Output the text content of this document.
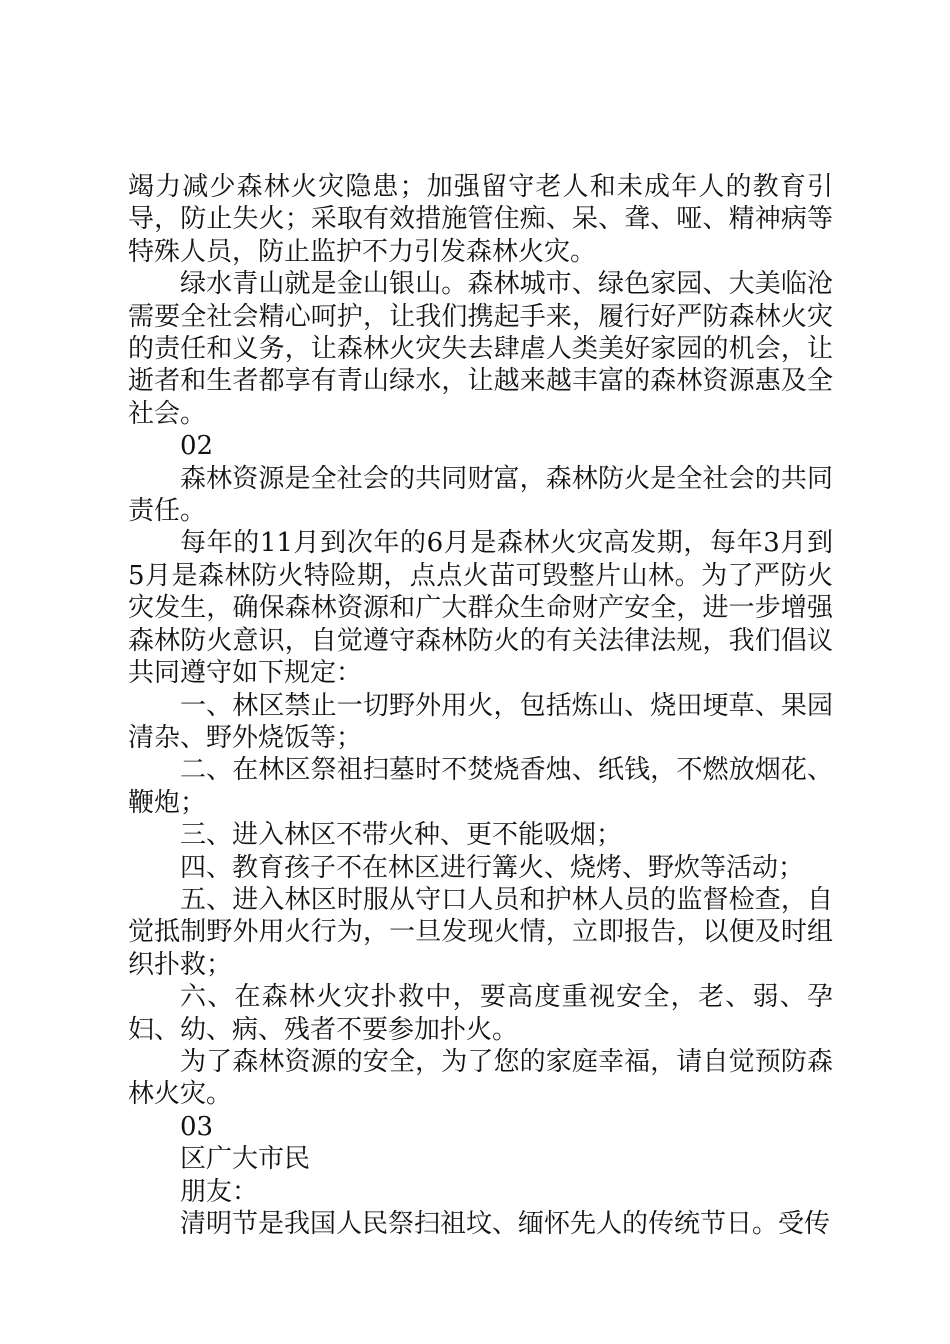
竭力减少森林火灾隐患；加强留守老人和未成年人的教育引导，防止失火；采取有效措施管住痴、呆、聋、哑、精神病等特殊人员，防止监护不力引发森林火灾。

绿水青山就是金山银山。森林城市、绿色家园、大美临沧需要全社会精心呵护，让我们携起手来，履行好严防森林火灾的责任和义务，让森林火灾失去肆虐人类美好家园的机会，让逝者和生者都享有青山绿水，让越来越丰富的森林资源惠及全社会。

02

森林资源是全社会的共同财富，森林防火是全社会的共同责任。

每年的11月到次年的6月是森林火灾高发期，每年3月到5月是森林防火特险期，点点火苗可毁整片山林。为了严防火灾发生，确保森林资源和广大群众生命财产安全，进一步增强森林防火意识，自觉遵守森林防火的有关法律法规，我们倡议共同遵守如下规定：

一、林区禁止一切野外用火，包括炼山、烧田埂草、果园清杂、野外烧饭等；

二、在林区祭祖扫墓时不焚烧香烛、纸钱，不燃放烟花、鞭炮；

三、进入林区不带火种、更不能吸烟；

四、教育孩子不在林区进行篝火、烧烤、野炊等活动；

五、进入林区时服从守口人员和护林人员的监督检查，自觉抵制野外用火行为，一旦发现火情，立即报告，以便及时组织扑救；

六、在森林火灾扑救中，要高度重视安全，老、弱、孕妇、幼、病、残者不要参加扑火。

为了森林资源的安全，为了您的家庭幸福，请自觉预防森林火灾。

03

区广大市民

朋友：

清明节是我国人民祭扫祖坟、缅怀先人的传统节日。受传
